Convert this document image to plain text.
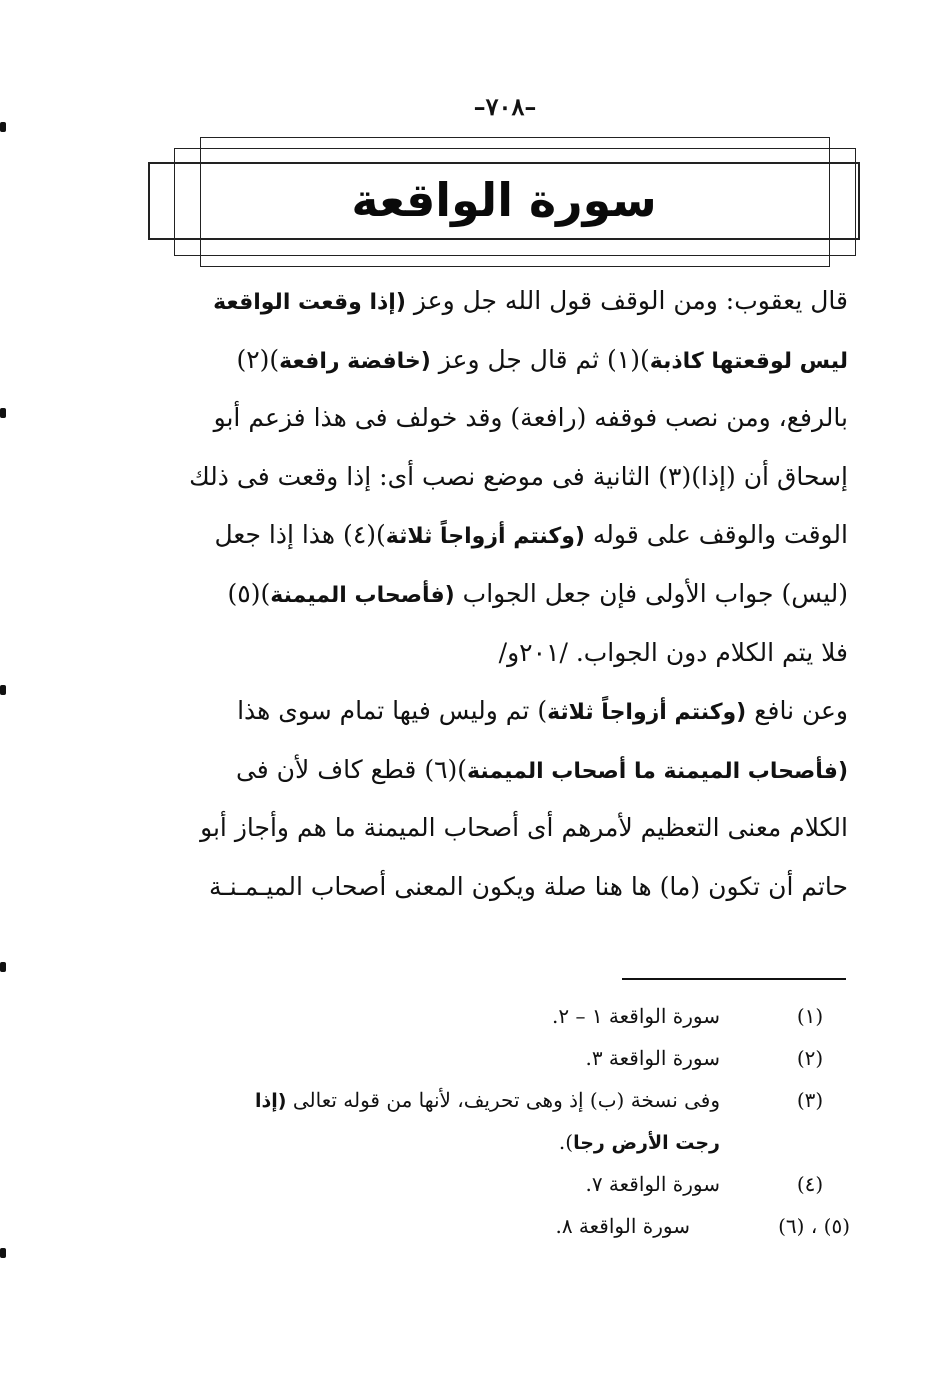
–٧٠٨–
سورة الواقعة
قال يعقوب: ومن الوقف قول الله جل وعز (إذا وقعت الواقعة
ليس لوقعتها كاذبة)(١) ثم قال جل وعز (خافضة رافعة)(٢)
بالرفع، ومن نصب فوقفه (رافعة) وقد خولف فى هذا فزعم أبو
إسحاق أن (إذا)(٣) الثانية فى موضع نصب أى: إذا وقعت فى ذلك
الوقت والوقف على قوله (وكنتم أزواجاً ثلاثة)(٤) هذا إذا جعل
(ليس) جواب الأولى فإن جعل الجواب (فأصحاب الميمنة)(٥)
فلا يتم الكلام دون الجواب. /٢٠١و/
وعن نافع (وكنتم أزواجاً ثلاثة) تم وليس فيها تمام سوى هذا
(فأصحاب الميمنة ما أصحاب الميمنة)(٦) قطع كاف لأن فى
الكلام معنى التعظيم لأمرهم أى أصحاب الميمنة ما هم وأجاز أبو
حاتم أن تكون (ما) ها هنا صلة ويكون المعنى أصحاب الميـمـنـة
(١)
سورة الواقعة ١ – ٢.
(٢)
سورة الواقعة ٣.
(٣)
وفى نسخة (ب) إذ وهى تحريف، لأنها من قوله تعالى (إذا
رجت الأرض رجا).
(٤)
سورة الواقعة ٧.
(٥) ، (٦)
سورة الواقعة ٨.
